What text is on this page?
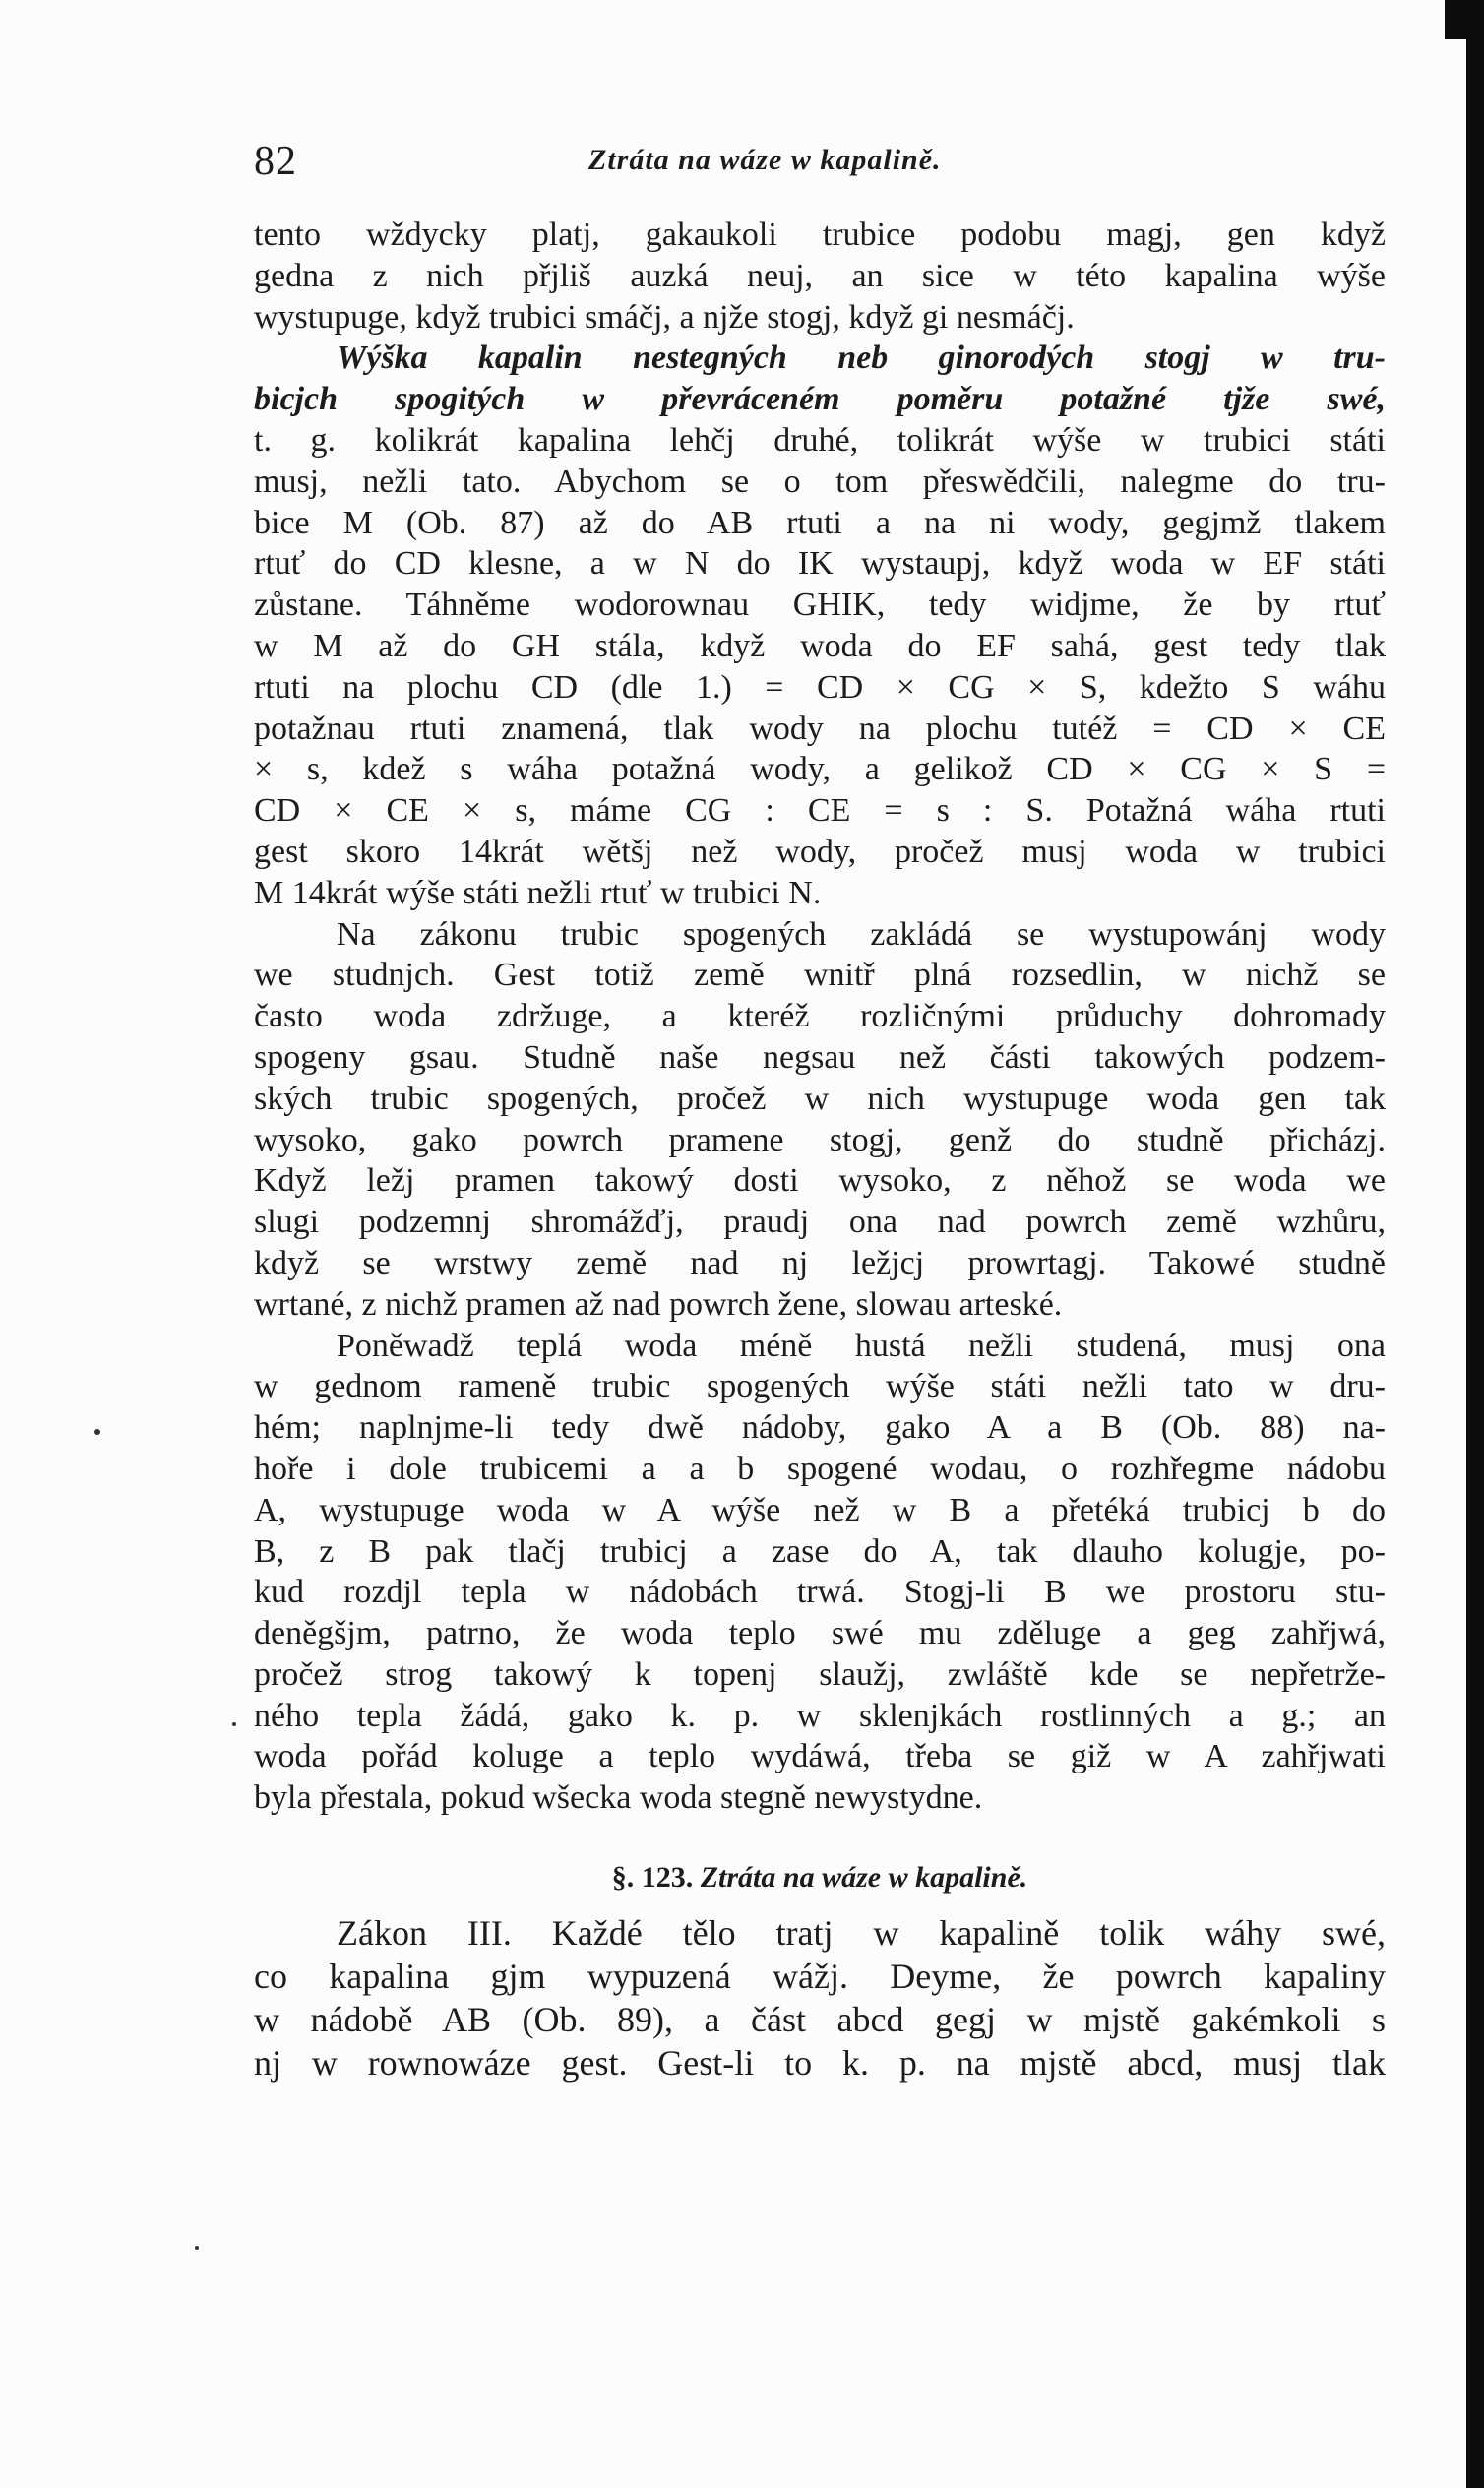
82	Ztráta na wáze w kapalině.
tento wždycky platj, gakaukoli trubice podobu magj, gen když
gedna z nich přjliš auzká neuj, an sice w této kapalina wýše
wystupuge, když trubici smáčj, a njže stogj, když gi nesmáčj.
Wýška kapalin nestegných neb ginorodých stogj w tru-
bicjch spogitých w převráceném poměru potažné tjže swé,
t. g. kolikrát kapalina lehčj druhé, tolikrát wýše w trubici státi
musj, nežli tato. Abychom se o tom přeswědčili, nalegme do tru-
bice M (Ob. 87) až do AB rtuti a na ni wody, gegjmž tlakem
rtuť do CD klesne, a w N do IK wystaupj, když woda w EF státi
zůstane. Táhněme wodorownau GHIK, tedy widjme, že by rtuť
w M až do GH stála, když woda do EF sahá, gest tedy tlak
rtuti na plochu CD (dle 1.) = CD × CG × S, kdežto S wáhu
potažnau rtuti znamená, tlak wody na plochu tutéž = CD × CE
× s, kdež s wáha potažná wody, a gelikož CD × CG × S =
CD × CE × s, máme CG : CE = s : S. Potažná wáha rtuti
gest skoro 14krát wětšj než wody, pročež musj woda w trubici
M 14krát wýše státi nežli rtuť w trubici N.
Na zákonu trubic spogených zakládá se wystupowánj wody
we studnjch. Gest totiž země wnitř plná rozsedlin, w nichž se
často woda zdržuge, a kteréž rozličnými průduchy dohromady
spogeny gsau. Studně naše negsau než části takowých podzem-
ských trubic spogených, pročež w nich wystupuge woda gen tak
wysoko, gako powrch pramene stogj, genž do studně přicházj.
Když ležj pramen takowý dosti wysoko, z něhož se woda we
slugi podzemnj shromážďj, praudj ona nad powrch země wzhůru,
když se wrstwy země nad nj ležjcj prowrtagj. Takowé studně
wrtané, z nichž pramen až nad powrch žene, slowau arteské.
Poněwadž teplá woda méně hustá nežli studená, musj ona
w gednom rameně trubic spogených wýše státi nežli tato w dru-
hém; naplnjme-li tedy dwě nádoby, gako A a B (Ob. 88) na-
hoře i dole trubicemi a a b spogené wodau, o rozhřegme nádobu
A, wystupuge woda w A wýše než w B a přetéká trubicj b do
B, z B pak tlačj trubicj a zase do A, tak dlauho kolugje, po-
kud rozdjl tepla w nádobách trwá. Stogj-li B we prostoru stu-
deněgšjm, patrno, že woda teplo swé mu zděluge a geg zahřjwá,
pročež strog takowý k topenj slaužj, zwláště kde se nepřetrže-
ného tepla žádá, gako k. p. w sklenjkách rostlinných a g.; an
woda pořád koluge a teplo wydáwá, třeba se giž w A zahřjwati
byla přestala, pokud wšecka woda stegně newystydne.
§. 123. Ztráta na wáze w kapalině.
Zákon III. Každé tělo tratj w kapalině tolik wáhy swé,
co kapalina gjm wypuzená wážj. Deyme, že powrch kapaliny
w nádobě AB (Ob. 89), a část abcd gegj w mjstě gakémkoli s
nj w rownowáze gest. Gest-li to k. p. na mjstě abcd, musj tlak
